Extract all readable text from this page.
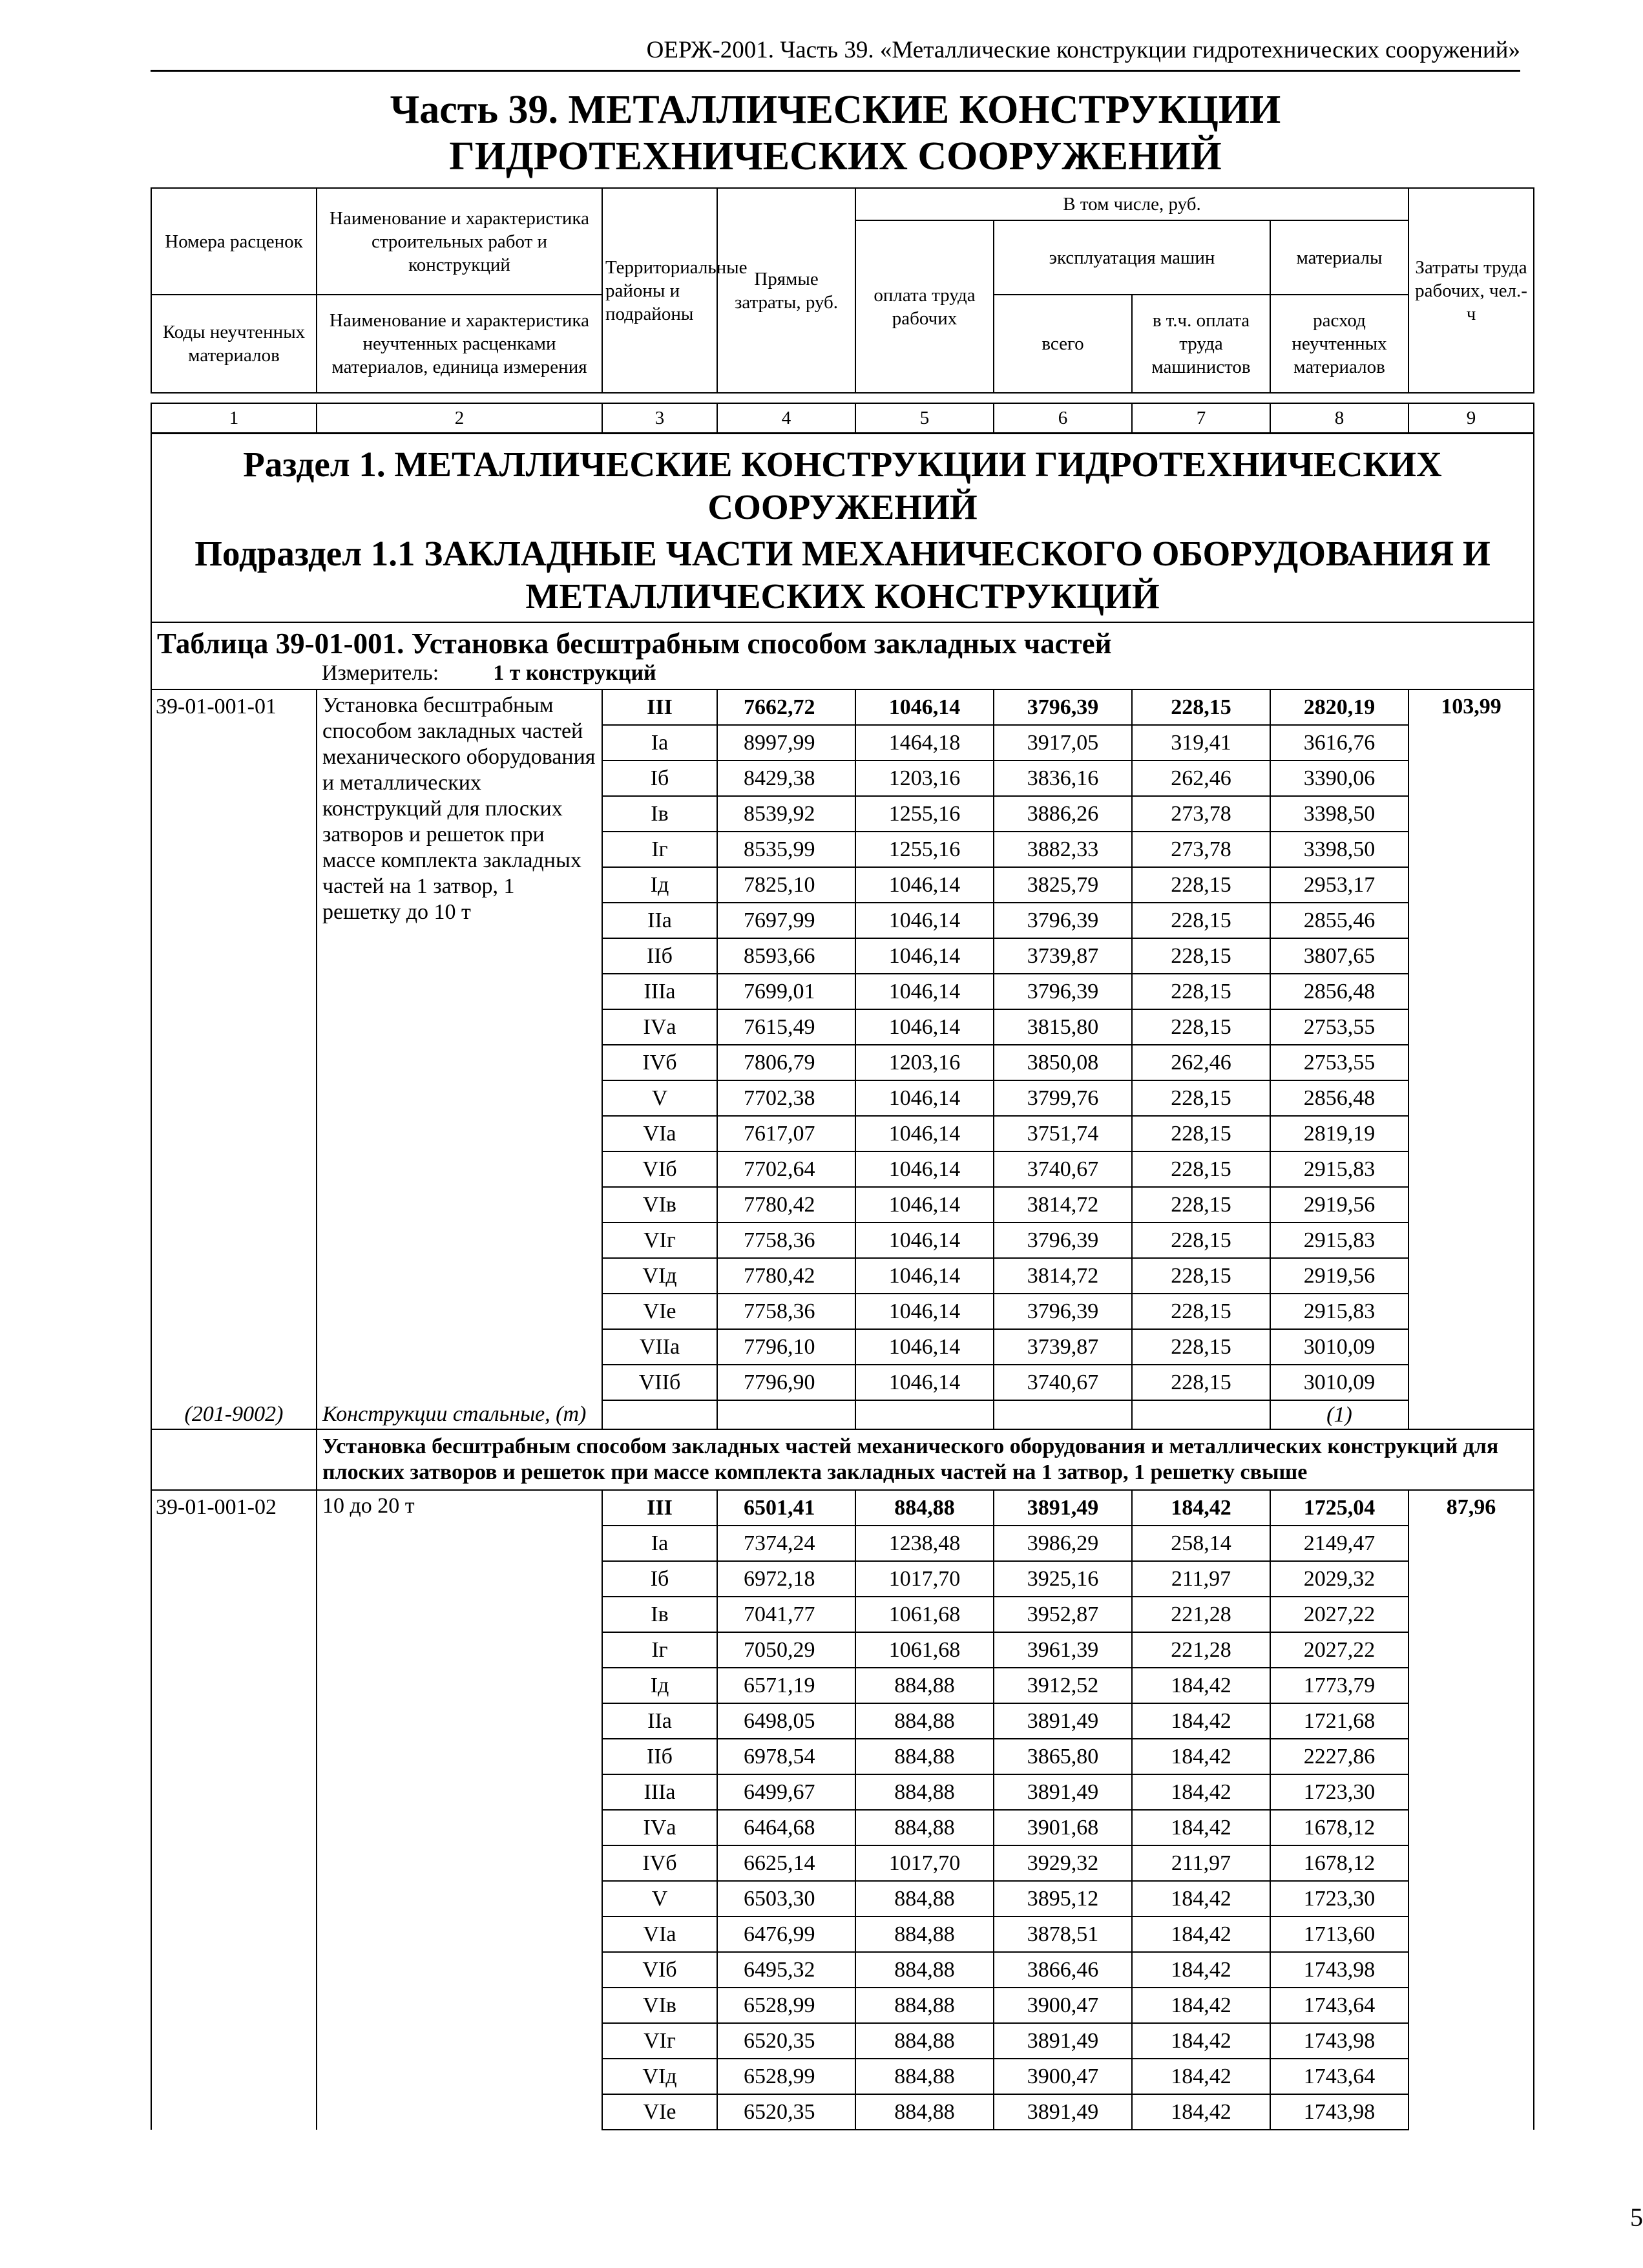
ОЕРЖ-2001. Часть 39. «Металлические конструкции гидротехнических сооружений»
Часть 39. МЕТАЛЛИЧЕСКИЕ КОНСТРУКЦИИ
ГИДРОТЕХНИЧЕСКИХ СООРУЖЕНИЙ
Номера расценок	Наименование и характеристика строительных работ и конструкций	Территориальные районы и подрайоны	Прямые затраты, руб.	В том числе, руб.				Затраты труда рабочих, чел.-ч
				оплата труда рабочих	эксплуатация машин		материалы	
Коды неучтенных материалов	Наименование и характеристика неучтенных расценками материалов, единица измерения				всего	в т.ч. оплата труда машинистов	расход неучтенных материалов	

1	2	3	4	5	6	7	8	9
Раздел 1. МЕТАЛЛИЧЕСКИЕ КОНСТРУКЦИИ ГИДРОТЕХНИЧЕСКИХ СООРУЖЕНИЙ
Подраздел 1.1 ЗАКЛАДНЫЕ ЧАСТИ МЕХАНИЧЕСКОГО ОБОРУДОВАНИЯ И МЕТАЛЛИЧЕСКИХ КОНСТРУКЦИЙ								

Таблица 39-01-001. Установка бесштрабным способом закладных частей								
	Измеритель: 1 т конструкций							
39-01-001-01	Установка бесштрабным способом закладных частей механического оборудования и металлических конструкций для плоских затворов и решеток при массе комплекта закладных частей на 1 затвор, 1 решетку до 10 т	III	7662,72	1046,14	3796,39	228,15	2820,19	103,99
		Iа	8997,99	1464,18	3917,05	319,41	3616,76	
		Iб	8429,38	1203,16	3836,16	262,46	3390,06	
		Iв	8539,92	1255,16	3886,26	273,78	3398,50	
		Iг	8535,99	1255,16	3882,33	273,78	3398,50	
		Iд	7825,10	1046,14	3825,79	228,15	2953,17	
		IIа	7697,99	1046,14	3796,39	228,15	2855,46	
		IIб	8593,66	1046,14	3739,87	228,15	3807,65	
		IIIа	7699,01	1046,14	3796,39	228,15	2856,48	
		IVа	7615,49	1046,14	3815,80	228,15	2753,55	
		IVб	7806,79	1203,16	3850,08	262,46	2753,55	
		V	7702,38	1046,14	3799,76	228,15	2856,48	
		VIа	7617,07	1046,14	3751,74	228,15	2819,19	
		VIб	7702,64	1046,14	3740,67	228,15	2915,83	
		VIв	7780,42	1046,14	3814,72	228,15	2919,56	
		VIг	7758,36	1046,14	3796,39	228,15	2915,83	
		VIд	7780,42	1046,14	3814,72	228,15	2919,56	
		VIе	7758,36	1046,14	3796,39	228,15	2915,83	
		VIIа	7796,10	1046,14	3739,87	228,15	3010,09	
		VIIб	7796,90	1046,14	3740,67	228,15	3010,09	
(201-9002)	Конструкции стальные, (т)						(1)	
	Установка бесштрабным способом закладных частей механического оборудования и металлических конструкций для плоских затворов и решеток при массе комплекта закладных частей на 1 затвор, 1 решетку свыше							
39-01-001-02	10 до 20 т	III	6501,41	884,88	3891,49	184,42	1725,04	87,96
		Iа	7374,24	1238,48	3986,29	258,14	2149,47	
		Iб	6972,18	1017,70	3925,16	211,97	2029,32	
		Iв	7041,77	1061,68	3952,87	221,28	2027,22	
		Iг	7050,29	1061,68	3961,39	221,28	2027,22	
		Iд	6571,19	884,88	3912,52	184,42	1773,79	
		IIа	6498,05	884,88	3891,49	184,42	1721,68	
		IIб	6978,54	884,88	3865,80	184,42	2227,86	
		IIIа	6499,67	884,88	3891,49	184,42	1723,30	
		IVа	6464,68	884,88	3901,68	184,42	1678,12	
		IVб	6625,14	1017,70	3929,32	211,97	1678,12	
		V	6503,30	884,88	3895,12	184,42	1723,30	
		VIа	6476,99	884,88	3878,51	184,42	1713,60	
		VIб	6495,32	884,88	3866,46	184,42	1743,98	
		VIв	6528,99	884,88	3900,47	184,42	1743,64	
		VIг	6520,35	884,88	3891,49	184,42	1743,98	
		VIд	6528,99	884,88	3900,47	184,42	1743,64	
		VIе	6520,35	884,88	3891,49	184,42	1743,98	
5
